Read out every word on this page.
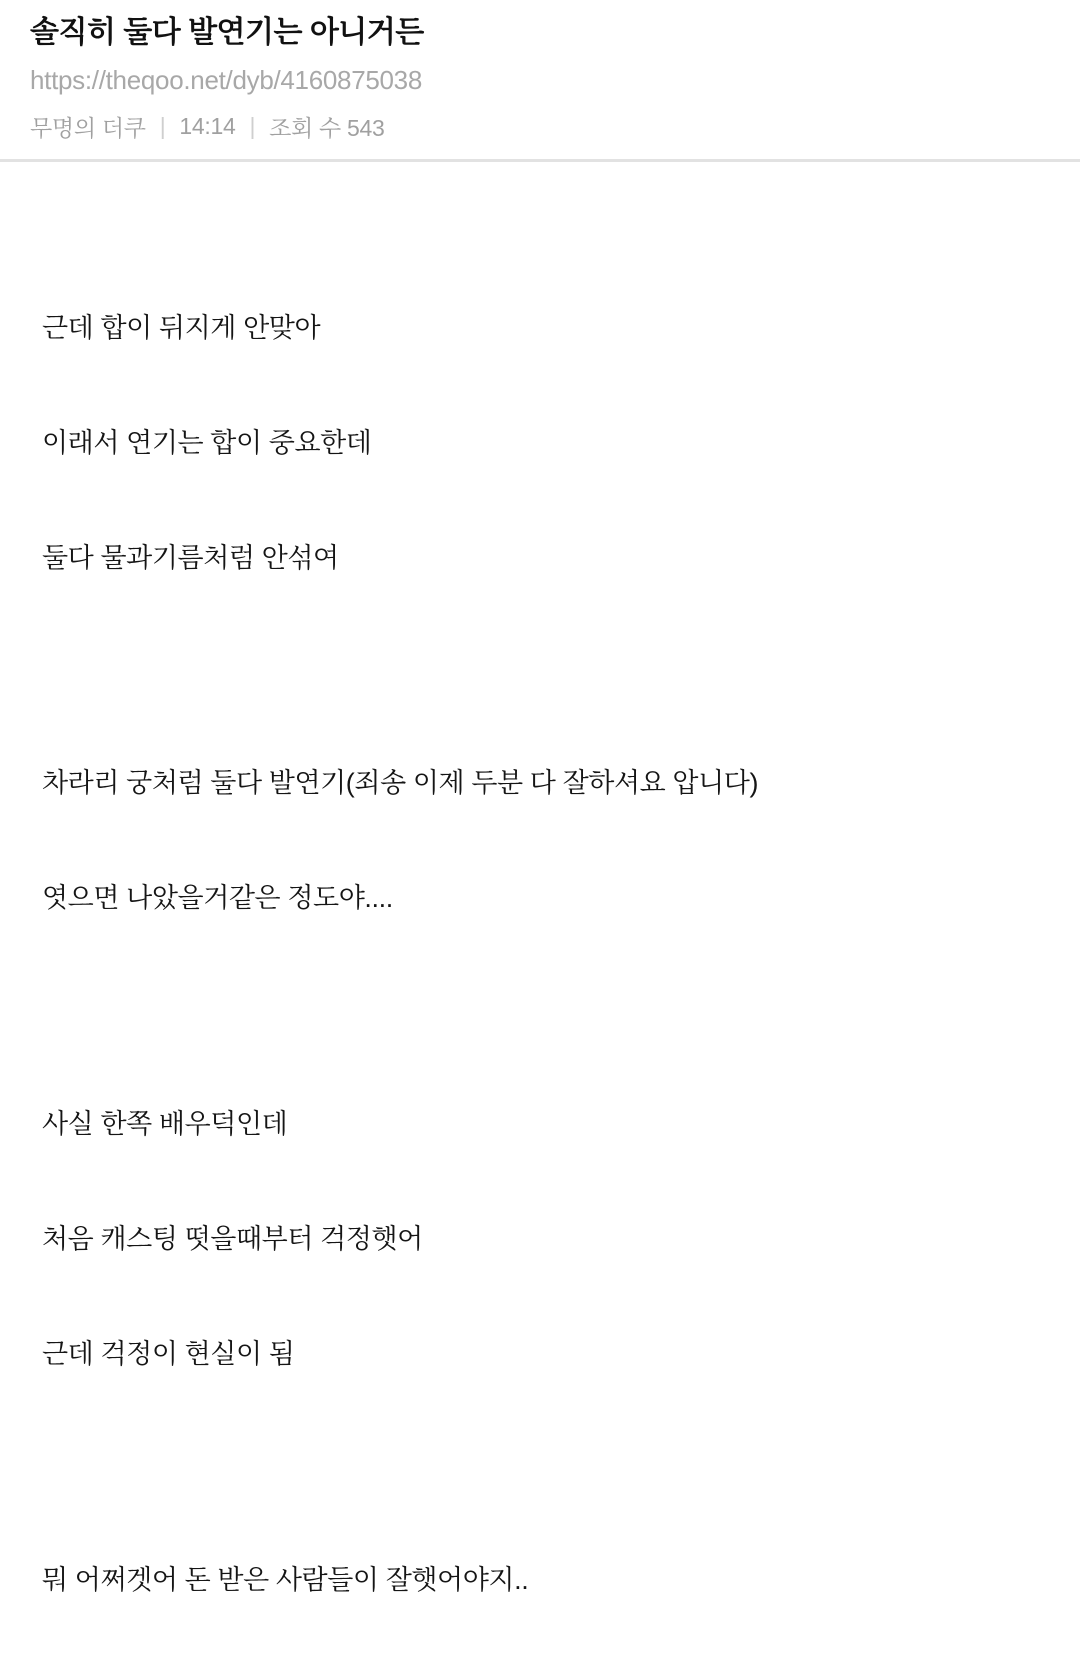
솔직히 둘다 발연기는 아니거든
https://theqoo.net/dyb/4160875038
무명의 더쿠 | 14:14 | 조회 수 543

근데 합이 뒤지게 안맞아

이래서 연기는 합이 중요한데

둘다 물과기름처럼 안섞여

차라리 궁처럼 둘다 발연기(죄송 이제 두분 다 잘하셔요 압니다)

엿으면 나았을거같은 정도야....

사실 한쪽 배우덕인데

처음 캐스팅 떳을때부터 걱정햇어

근데 걱정이 현실이 됨

뭐 어쩌겟어 돈 받은 사람들이 잘햇어야지..
